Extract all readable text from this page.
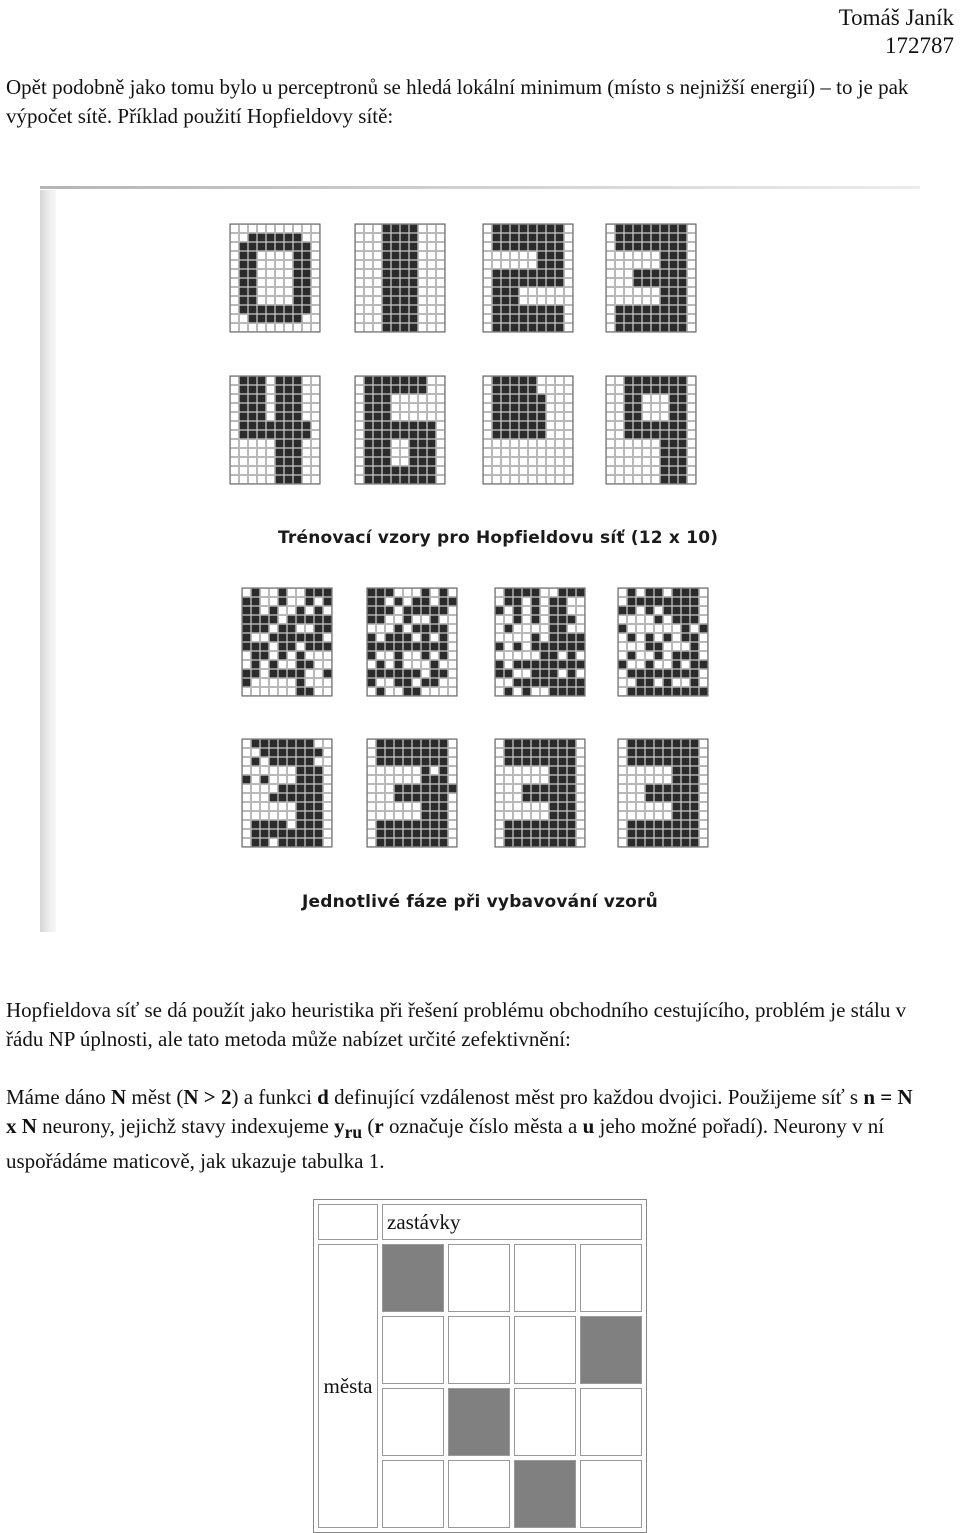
Tomáš Janík
172787
Opět podobně jako tomu bylo u perceptronů se hledá lokální minimum (místo s nejnižší energií) – to je pak výpočet sítě. Příklad použití Hopfieldovy sítě:
Trénovací vzory pro Hopfieldovu síť (12 x 10)
Jednotlivé fáze při vybavování vzorů
Hopfieldova síť se dá použít jako heuristika při řešení problému obchodního cestujícího, problém je stálu v řádu NP úplnosti, ale tato metoda může nabízet určité zefektivnění:
Máme dáno N měst (N > 2) a funkci d definující vzdálenost měst pro každou dvojici. Použijeme síť s n = N x N neurony, jejichž stavy indexujeme $y_{ru}$ (r označuje číslo města a u jeho možné pořadí). Neurony v ní uspořádáme maticově, jak ukazuje tabulka 1.
	zastávky			
města				
